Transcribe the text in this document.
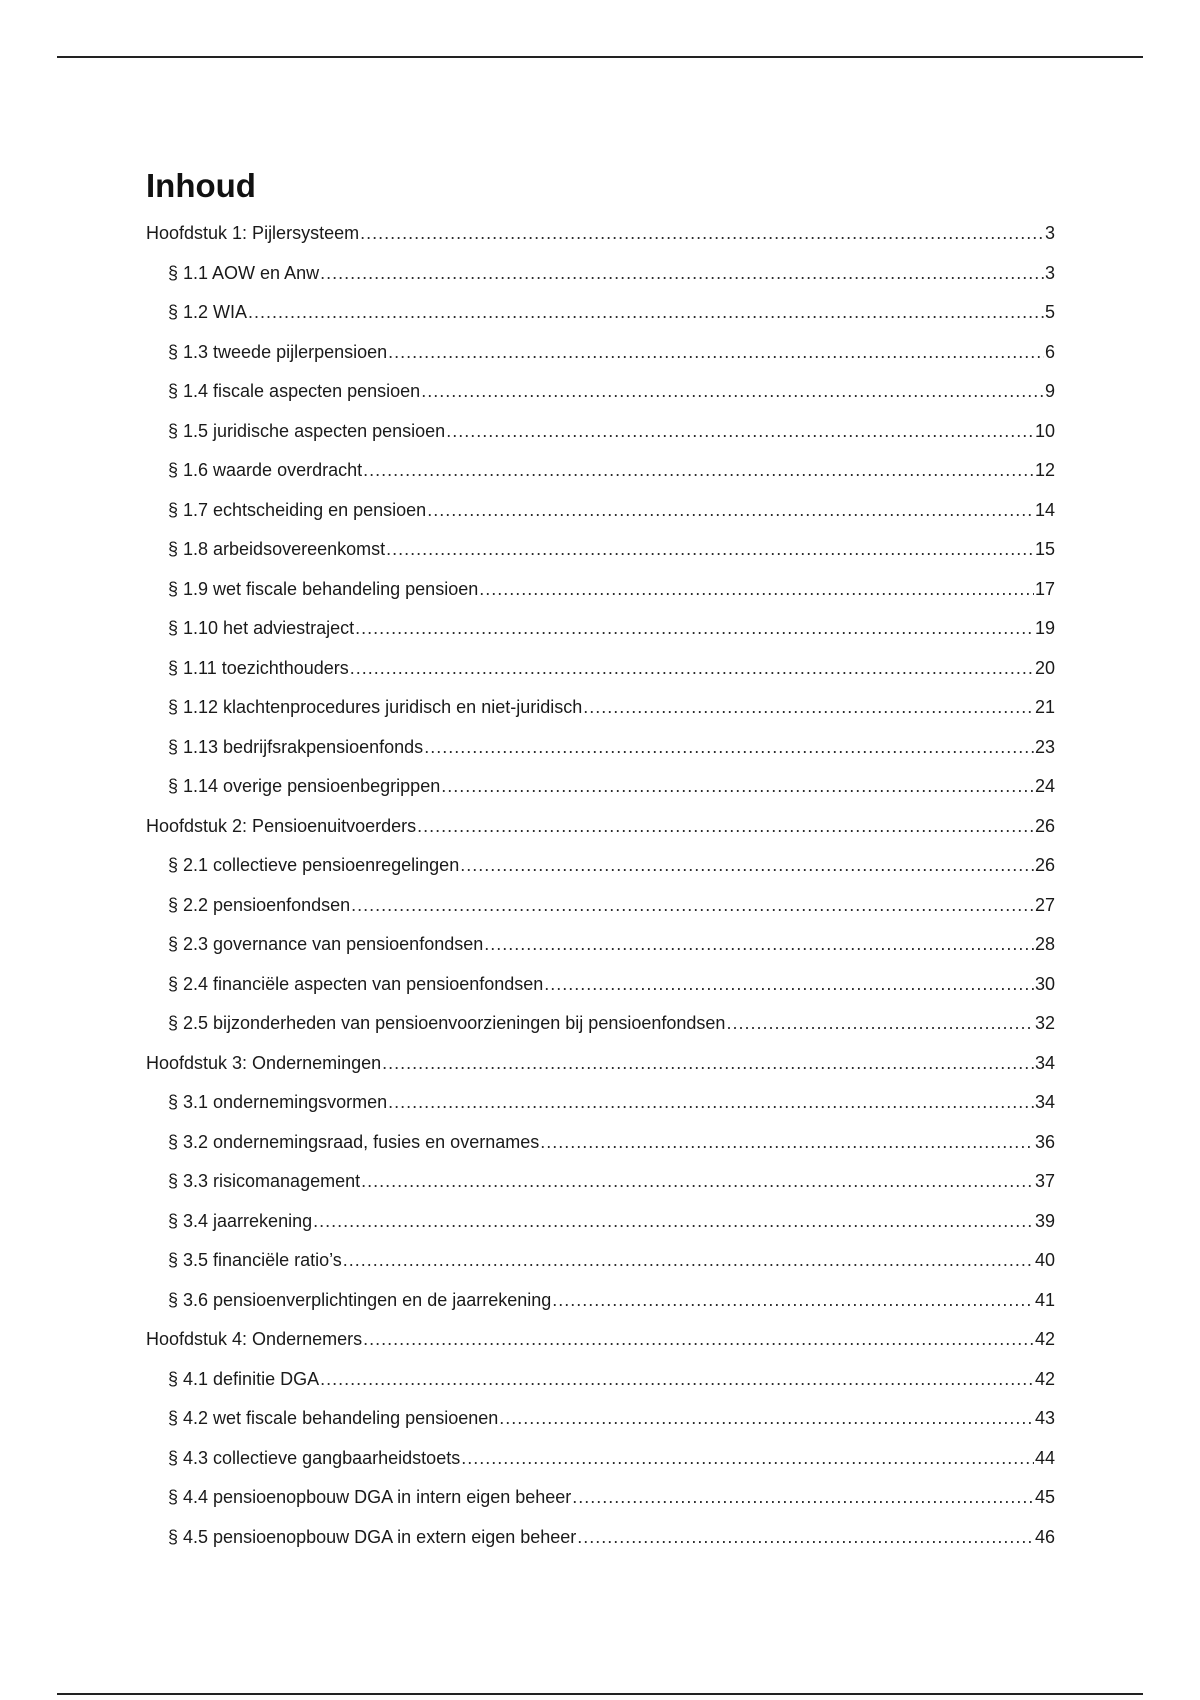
Inhoud
Hoofdstuk 1: Pijlersysteem .....	3
§ 1.1 AOW en Anw .....	3
§ 1.2 WIA .....	5
§ 1.3 tweede pijlerpensioen .....	6
§ 1.4 fiscale aspecten pensioen .....	9
§ 1.5 juridische aspecten pensioen .....	10
§ 1.6 waarde overdracht .....	12
§ 1.7 echtscheiding en pensioen .....	14
§ 1.8 arbeidsovereenkomst .....	15
§ 1.9 wet fiscale behandeling pensioen .....	17
§ 1.10 het adviestraject .....	19
§ 1.11 toezichthouders .....	20
§ 1.12 klachtenprocedures juridisch en niet-juridisch .....	21
§ 1.13 bedrijfsrakpensioenfonds .....	23
§ 1.14 overige pensioenbegrippen .....	24
Hoofdstuk 2: Pensioenuitvoerders .....	26
§ 2.1 collectieve pensioenregelingen .....	26
§ 2.2 pensioenfondsen .....	27
§ 2.3 governance van pensioenfondsen .....	28
§ 2.4 financiële aspecten van pensioenfondsen .....	30
§ 2.5 bijzonderheden van pensioenvoorzieningen bij pensioenfondsen .....	32
Hoofdstuk 3: Ondernemingen .....	34
§ 3.1 ondernemingsvormen .....	34
§ 3.2 ondernemingsraad, fusies en overnames .....	36
§ 3.3 risicomanagement .....	37
§ 3.4 jaarrekening .....	39
§ 3.5 financiële ratio’s .....	40
§ 3.6 pensioenverplichtingen en de jaarrekening .....	41
Hoofdstuk 4: Ondernemers .....	42
§ 4.1 definitie DGA .....	42
§ 4.2 wet fiscale behandeling pensioenen .....	43
§ 4.3 collectieve gangbaarheidstoets .....	44
§ 4.4 pensioenopbouw DGA in intern eigen beheer .....	45
§ 4.5 pensioenopbouw DGA in extern eigen beheer .....	46
